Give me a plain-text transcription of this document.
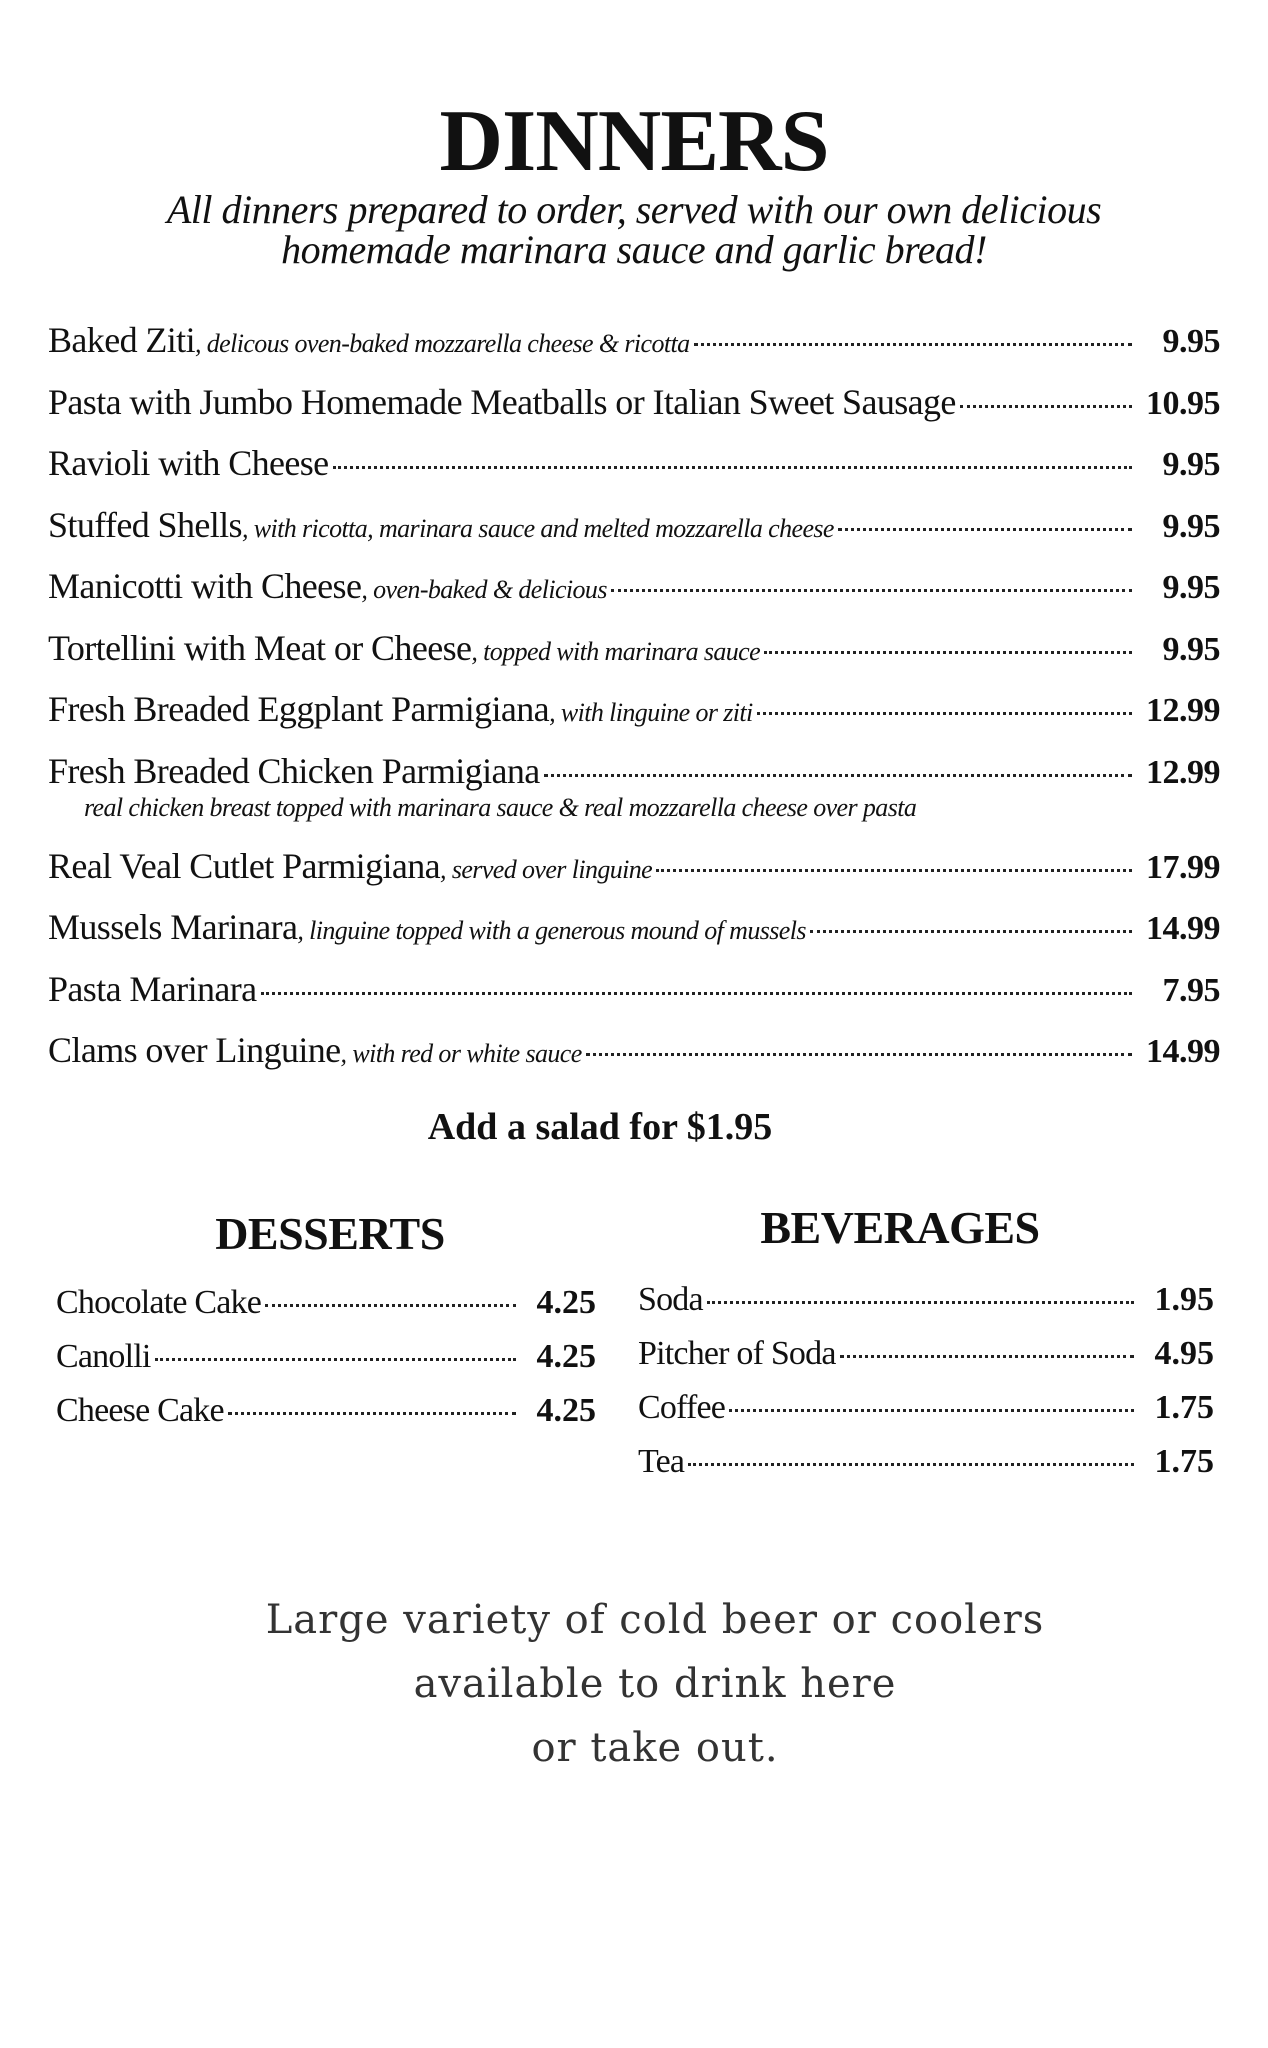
DINNERS
All dinners prepared to order, served with our own delicious
homemade marinara sauce and garlic bread!
Baked Ziti , delicous oven-baked mozzarella cheese & ricotta	9.95
Pasta with Jumbo Homemade Meatballs or Italian Sweet Sausage	10.95
Ravioli with Cheese	9.95
Stuffed Shells , with ricotta, marinara sauce and melted mozzarella cheese	9.95
Manicotti with Cheese , oven-baked & delicious	9.95
Tortellini with Meat or Cheese , topped with marinara sauce	9.95
Fresh Breaded Eggplant Parmigiana , with linguine or ziti	12.99
Fresh Breaded Chicken Parmigiana	12.99
real chicken breast topped with marinara sauce & real mozzarella cheese over pasta
Real Veal Cutlet Parmigiana , served over linguine	17.99
Mussels Marinara , linguine topped with a generous mound of mussels	14.99
Pasta Marinara	7.95
Clams over Linguine , with red or white sauce	14.99
Add a salad for $1.95
DESSERTS	BEVERAGES
Chocolate Cake	4.25
Canolli	4.25
Cheese Cake	4.25
Soda	1.95
Pitcher of Soda	4.95
Coffee	1.75
Tea	1.75
Large variety of cold beer or coolers
available to drink here
or take out.
